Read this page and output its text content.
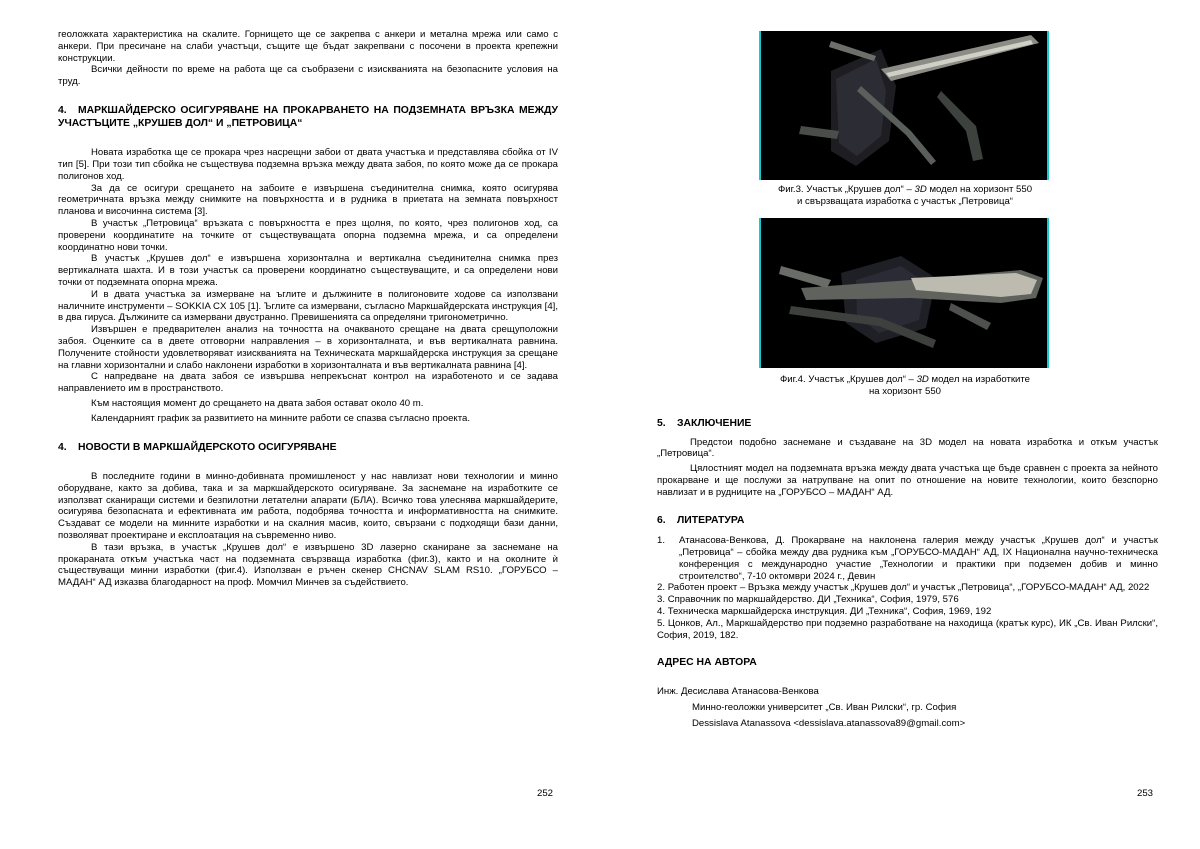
геоложката характеристика на скалите. Горнището ще се закрепва с анкери и метална мрежа или само с анкери. При пресичане на слаби участъци, същите ще бъдат закрепвани с посочени в проекта крепежни конструкции.

Всички дейности по време на работа ще са съобразени с изискванията на безопасните условия на труд.

4. МАРКШАЙДЕРСКО ОСИГУРЯВАНЕ НА ПРОКАРВАНЕТО НА ПОДЗЕМНАТА ВРЪЗКА МЕЖДУ УЧАСТЪЦИТЕ „КРУШЕВ ДОЛ“ И „ПЕТРОВИЦА“

Новата изработка ще се прокара чрез насрещни забои от двата участъка и представлява сбойка от IV тип [5]. При този тип сбойка не съществува подземна връзка между двата забоя, по която може да се прокара полигонов ход.

За да се осигури срещането на забоите е извършена съединителна снимка, която осигурява геометричната връзка между снимките на повърхността и в рудника в приетата на земната повърхност планова и височинна система [3].

В участък „Петровица“ връзката с повърхността е през щолня, по която, чрез полигонов ход, са проверени координатите на точките от съществуващата опорна подземна мрежа, и са определени координатно нови точки.

В участък „Крушев дол“ е извършена хоризонтална и вертикална съединителна снимка през вертикалната шахта. И в този участък са проверени координатно съществуващите, и са определени нови точки от подземната опорна мрежа.

И в двата участъка за измерване на ъглите и дължините в полигоновите ходове са използвани наличните инструменти – SOKKIA CX 105 [1]. Ъглите са измервани, съгласно Маркшайдерската инструкция [4], в два гируса. Дължините са измервани двустранно. Превишенията са определяни тригонометрично.

Извършен е предварителен анализ на точността на очакваното срещане на двата срещуположни забоя. Оценките са в двете отговорни направления – в хоризонталната, и във вертикалната равнина. Получените стойности удовлетворяват изискванията на Техническата маркшайдерска инструкция за срещане на главни хоризонтални и слабо наклонени изработки в хоризонталната и във вертикалната равнина [4].

С напредване на двата забоя се извършва непрекъснат контрол на изработеното и се задава направлението им в пространството.

Към настоящия момент до срещането на двата забоя остават около 40 m.

Календарният график за развитието на минните работи се спазва съгласно проекта.

4. НОВОСТИ В МАРКШАЙДЕРСКОТО ОСИГУРЯВАНЕ

В последните години в минно-добивната промишленост у нас навлизат нови технологии и минно оборудване, както за добива, така и за маркшайдерското осигуряване. За заснемане на изработките се използват сканиращи системи и безпилотни летателни апарати (БЛА). Всичко това улеснява маркшайдерите, осигурява безопасната и ефективната им работа, подобрява точността и информативността на снимките. Създават се модели на минните изработки и на скалния масив, които, свързани с подходящи бази данни, позволяват проектиране и експлоатация на съвременно ниво.

В тази връзка, в участък „Крушев дол“ е извършено 3D лазерно сканиране за заснемане на прокараната откъм участъка част на подземната свързваща изработка (фиг.3), както и на околните ѝ съществуващи минни изработки (фиг.4). Използван е ръчен скенер CHCNAV SLAM RS10. „ГОРУБСО – МАДАН“ АД изказва благодарност на проф. Момчил Минчев за съдействието.

252	253
Фиг.3. Участък „Крушев дол“ – 3D модел на хоризонт 550
и свързващата изработка с участък „Петровица“
Фиг.4. Участък „Крушев дол“ – 3D модел на изработките
на хоризонт 550
5. ЗАКЛЮЧЕНИЕ

Предстои подобно заснемане и създаване на 3D модел на новата изработка и откъм участък „Петровица“.

Цялостният модел на подземната връзка между двата участъка ще бъде сравнен с проекта за нейното прокарване и ще послужи за натрупване на опит по отношение на новите технологии, които безспорно навлизат и в рудниците на „ГОРУБСО – МАДАН“ АД.

6. ЛИТЕРАТУРА

1. Атанасова-Венкова, Д. Прокарване на наклонена галерия между участък „Крушев дол“ и участък „Петровица“ – сбойка между два рудника към „ГОРУБСО-МАДАН“ АД, IX Национална научно-техническа конференция с международно участие „Технологии и практики при подземен добив и минно строителство“, 7-10 октомври 2024 г., Девин

2. Работен проект – Връзка между участък „Крушев дол“ и участък „Петровица“, „ГОРУБСО-МАДАН“ АД, 2022

3. Справочник по маркшайдерство. ДИ „Техника“, София, 1979, 576

4. Техническа маркшайдерска инструкция. ДИ „Техника“, София, 1969, 192

5. Цонков, Ал., Маркшайдерство при подземно разработване на находища (кратък курс), ИК „Св. Иван Рилски“, София, 2019, 182.

АДРЕС НА АВТОРА

Инж. Десислава Атанасова-Венкова

Минно-геоложки университет „Св. Иван Рилски“, гр. София

Dessislava Atanassova <dessislava.atanassova89@gmail.com>
